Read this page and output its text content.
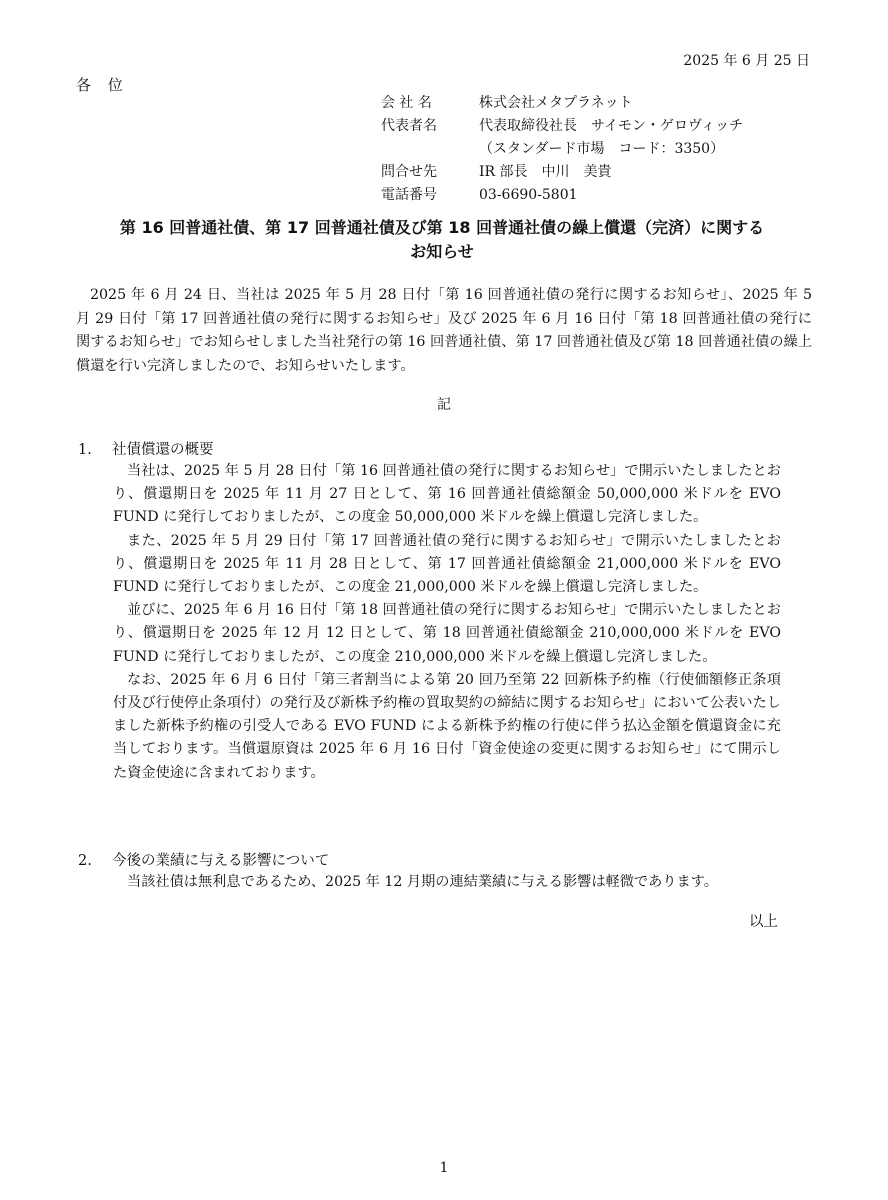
2025 年 6 月 25 日
各 位
会 社 名	株式会社メタプラネット
代表者名	代表取締役社長　サイモン・ゲロヴィッチ
（スタンダード市場　コード：3350）
問合せ先	IR 部長　中川　美貴
電話番号	03-6690-5801
第 16 回普通社債、第 17 回普通社債及び第 18 回普通社債の繰上償還（完済）に関する
お知らせ
2025 年 6 月 24 日、当社は 2025 年 5 月 28 日付「第 16 回普通社債の発行に関するお知らせ」、2025 年 5 月 29 日付「第 17 回普通社債の発行に関するお知らせ」及び 2025 年 6 月 16 日付「第 18 回普通社債の発行に関するお知らせ」でお知らせしました当社発行の第 16 回普通社債、第 17 回普通社債及び第 18 回普通社債の繰上償還を行い完済しましたので、お知らせいたします。
記
1. 社債償還の概要

当社は、2025 年 5 月 28 日付「第 16 回普通社債の発行に関するお知らせ」で開示いたしましたとおり、償還期日を 2025 年 11 月 27 日として、第 16 回普通社債総額金 50,000,000 米ドルを EVO FUND に発行しておりましたが、この度金 50,000,000 米ドルを繰上償還し完済しました。

また、2025 年 5 月 29 日付「第 17 回普通社債の発行に関するお知らせ」で開示いたしましたとおり、償還期日を 2025 年 11 月 28 日として、第 17 回普通社債総額金 21,000,000 米ドルを EVO FUND に発行しておりましたが、この度金 21,000,000 米ドルを繰上償還し完済しました。

並びに、2025 年 6 月 16 日付「第 18 回普通社債の発行に関するお知らせ」で開示いたしましたとおり、償還期日を 2025 年 12 月 12 日として、第 18 回普通社債総額金 210,000,000 米ドルを EVO FUND に発行しておりましたが、この度金 210,000,000 米ドルを繰上償還し完済しました。

なお、2025 年 6 月 6 日付「第三者割当による第 20 回乃至第 22 回新株予約権（行使価額修正条項付及び行使停止条項付）の発行及び新株予約権の買取契約の締結に関するお知らせ」において公表いたしました新株予約権の引受人である EVO FUND による新株予約権の行使に伴う払込金額を償還資金に充当しております。当償還原資は 2025 年 6 月 16 日付「資金使途の変更に関するお知らせ」にて開示した資金使途に含まれております。

2. 今後の業績に与える影響について

当該社債は無利息であるため、2025 年 12 月期の連結業績に与える影響は軽微であります。

以上
1
